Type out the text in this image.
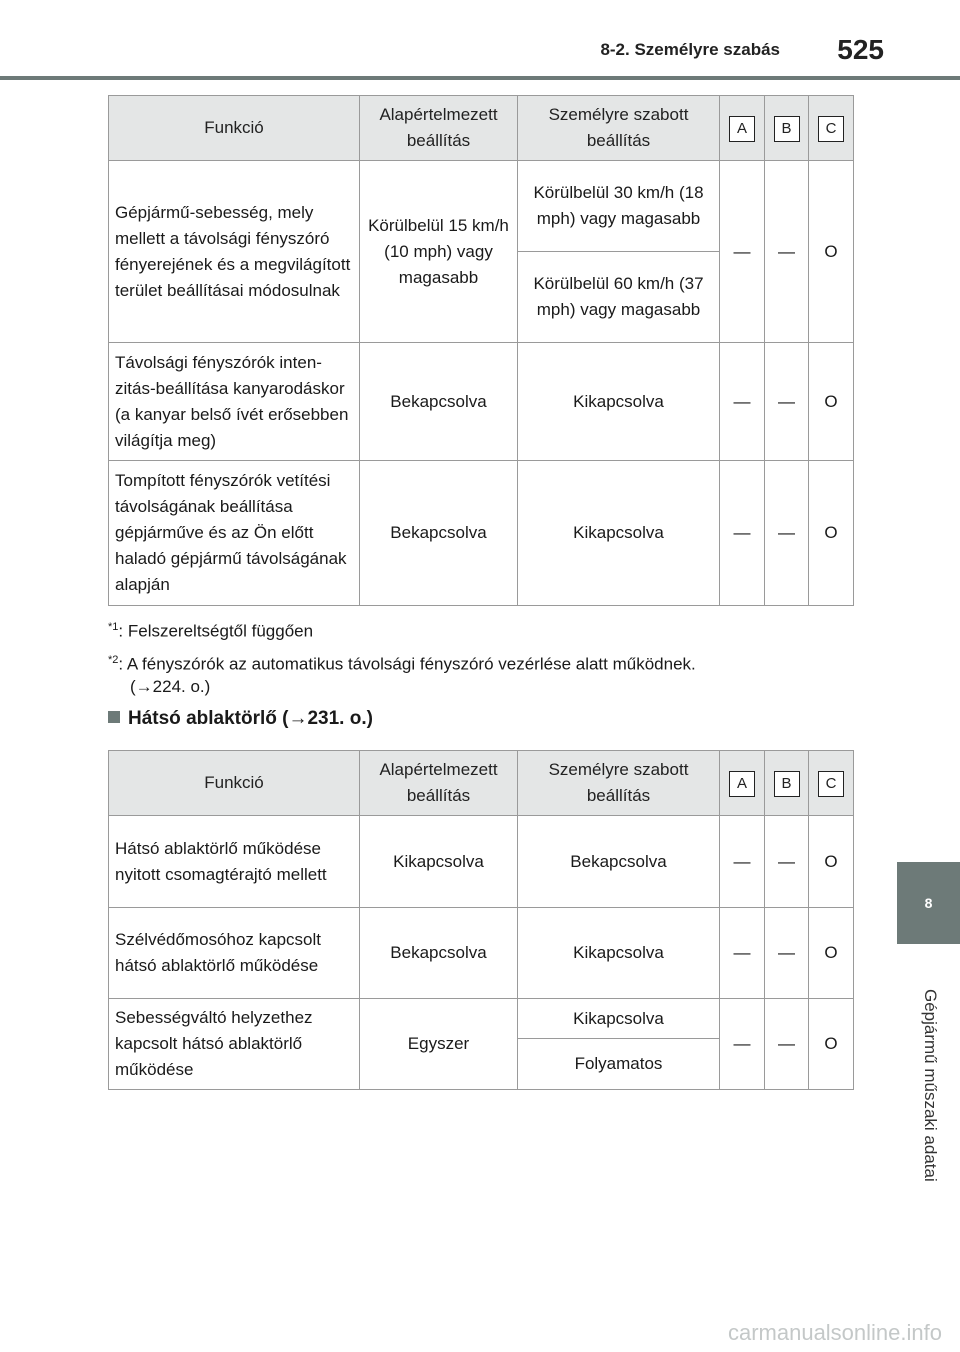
8-2. Személyre szabás 525
8
Gépjármű műszaki adatai
Funkció	Alapértelmezett beállítás	Személyre szabott beállítás	A	B	C
Gépjármű-sebesség, mely mellett a távolsági fényszóró fényerejének és a megvilágított terület beállításai módosulnak	Körülbelül 15 km/h (10 mph) vagy magasabb	Körülbelül 30 km/h (18 mph) vagy magasabb	—	—	O
		Körülbelül 60 km/h (37 mph) vagy magasabb			
Távolsági fényszórók intenzitás-beállítása kanyarodáskor (a kanyar belső ívét erősebben világítja meg)	Bekapcsolva	Kikapcsolva	—	—	O
Tompított fényszórók vetítési távolságának beállítása gépjárműve és az Ön előtt haladó gépjármű távolságának alapján	Bekapcsolva	Kikapcsolva	—	—	O
$^{*1}$: Felszereltségtől függően
$^{*2}$: A fényszórók az automatikus távolsági fényszóró vezérlése alatt működnek.
(→224. o.)
Hátsó ablaktörlő (→231. o.)
Funkció	Alapértelmezett beállítás	Személyre szabott beállítás	A	B	C
Hátsó ablaktörlő működése nyitott csomagtérajtó mellett	Kikapcsolva	Bekapcsolva	—	—	O
Szélvédőmosóhoz kapcsolt hátsó ablaktörlő működése	Bekapcsolva	Kikapcsolva	—	—	O
Sebességváltó helyzethez kapcsolt hátsó ablaktörlő működése	Egyszer	Kikapcsolva	—	—	O
		Folyamatos			
carmanualsonline.info
